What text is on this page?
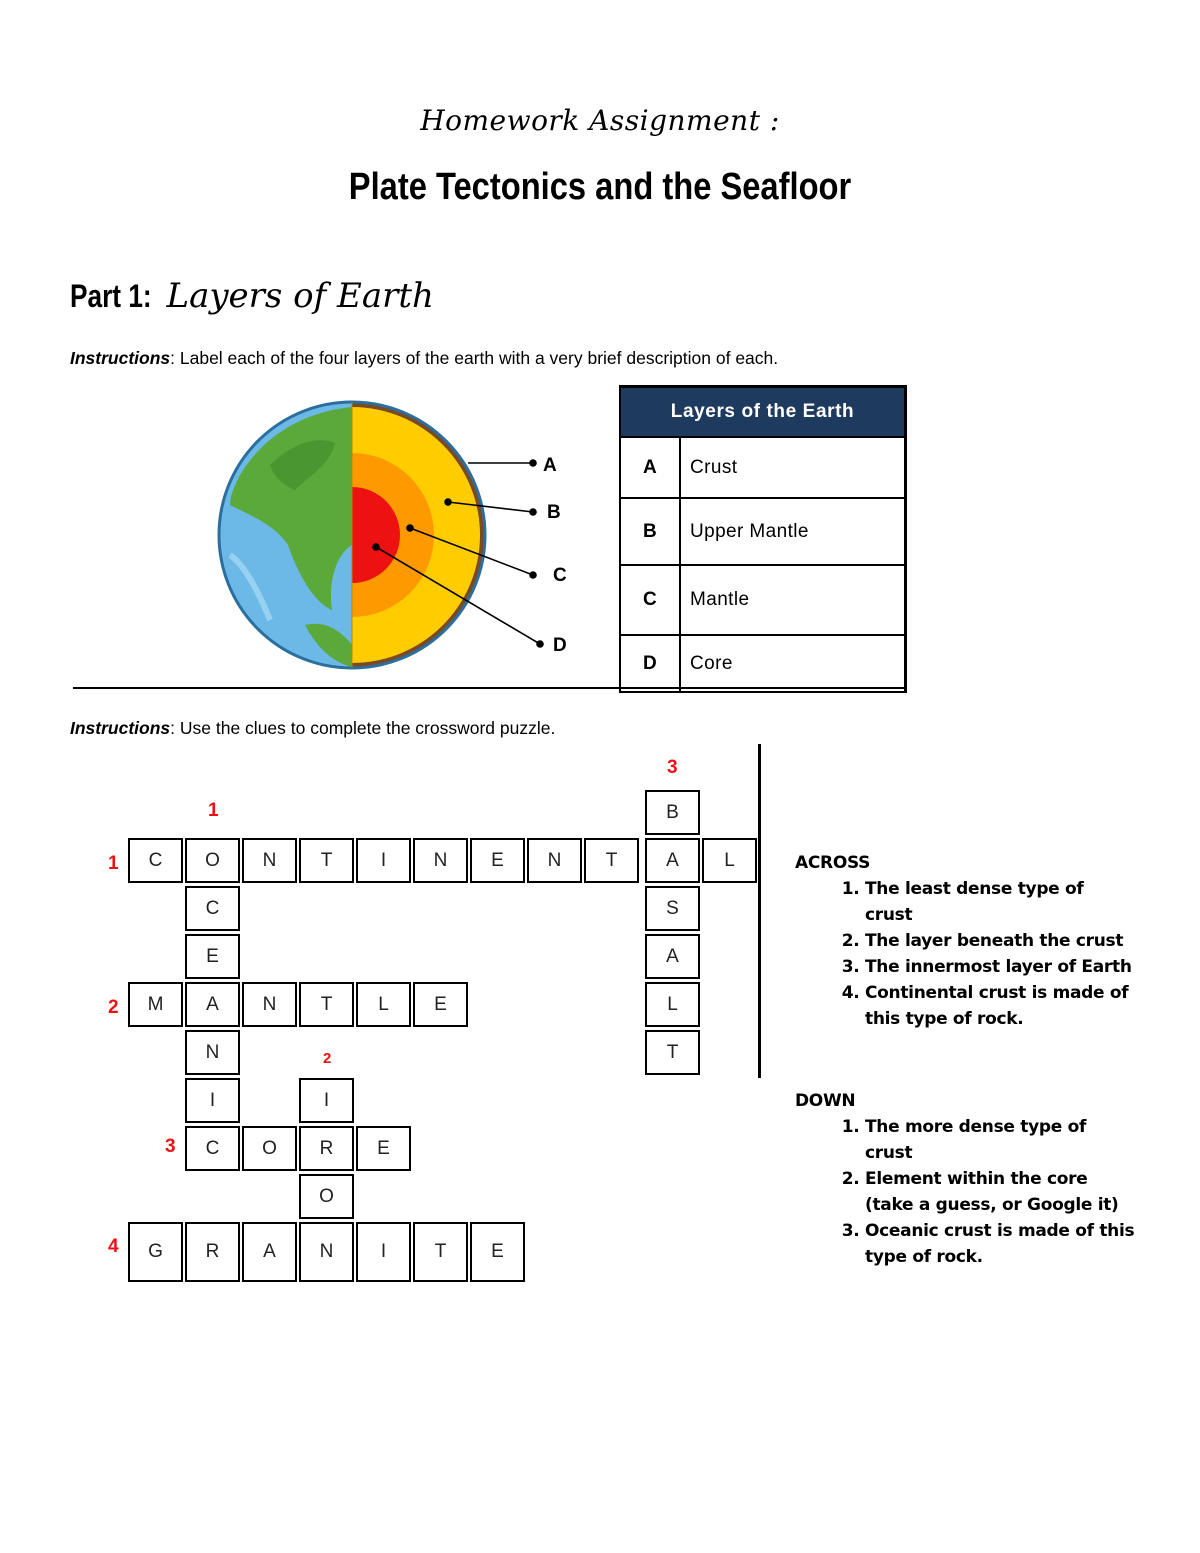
Homework Assignment :
Plate Tectonics and the Seafloor
Part 1: Layers of Earth
Instructions: Label each of the four layers of the earth with a very brief description of each.
A
B
C
D
Layers of the Earth	
A	Crust
B	Upper Mantle
C	Mantle
D	Core
Instructions: Use the clues to complete the crossword puzzle.
C	O	N	T	I	N	E	N	T	A	L
B
S
A
L
T
C
E
N
I
M	A	N	T	L	E
I
O
C	O	R	E
G	R	A	N	I	T	E
1
2
3
1
2
3
4
ACROSS
1. The least dense type of crust
2. The layer beneath the crust
3. The innermost layer of Earth
4. Continental crust is made of this type of rock.
DOWN
1. The more dense type of crust
2. Element within the core (take a guess, or Google it)
3. Oceanic crust is made of this type of rock.
